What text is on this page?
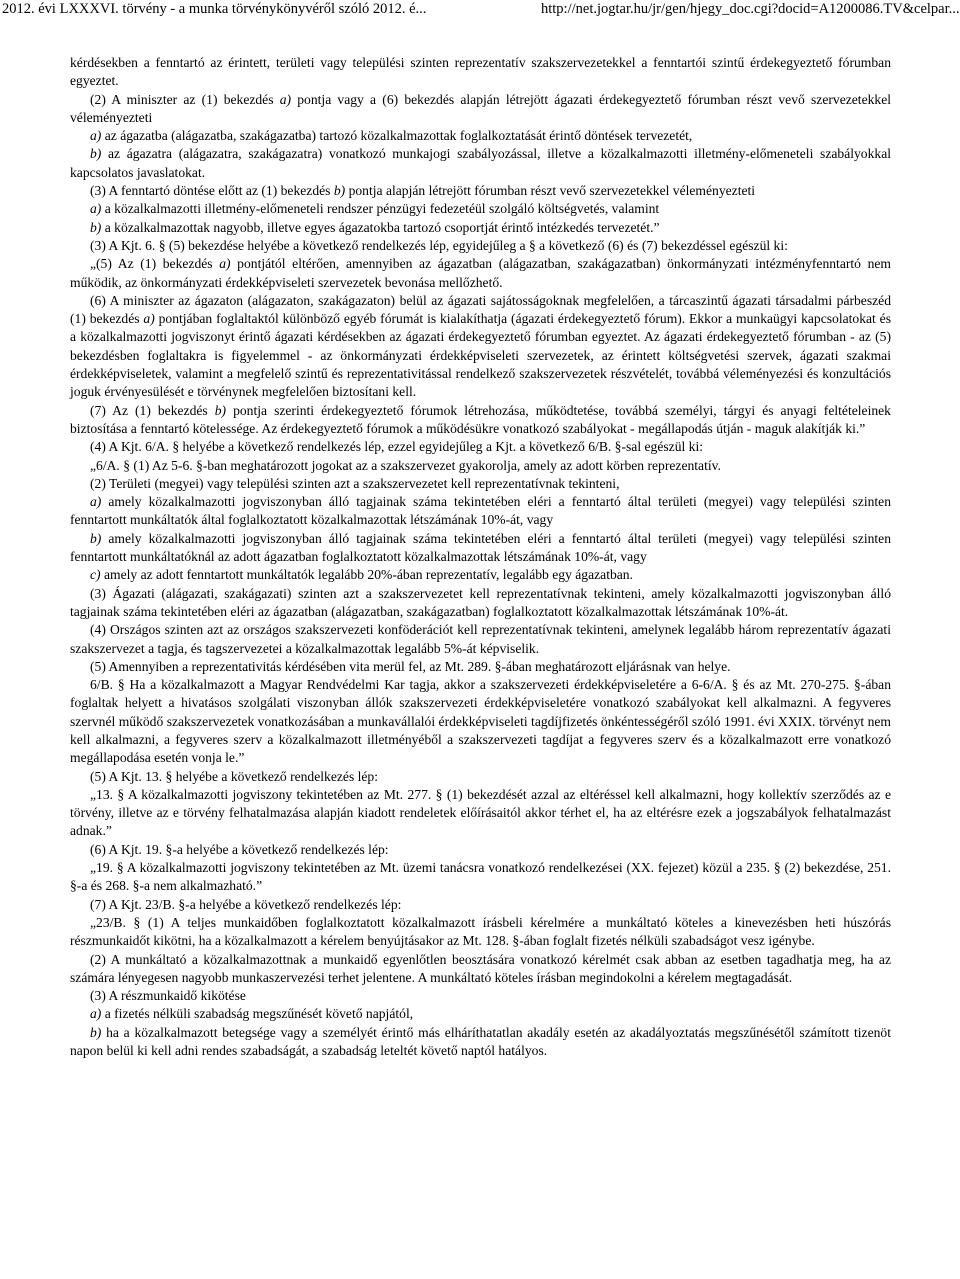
2012. évi LXXXVI. törvény - a munka törvénykönyvéről szóló 2012. é...	http://net.jogtar.hu/jr/gen/hjegy_doc.cgi?docid=A1200086.TV&celpar...

kérdésekben a fenntartó az érintett, területi vagy települési szinten reprezentatív szakszervezetekkel a fenntartói szintű érdekegyeztető fórumban

egyeztet.

(2) A miniszter az (1) bekezdés a) pontja vagy a (6) bekezdés alapján létrejött ágazati érdekegyeztető fórumban részt vevő szervezetekkel véleményezteti

a) az ágazatba (alágazatba, szakágazatba) tartozó közalkalmazottak foglalkoztatását érintő döntések tervezetét,

b) az ágazatra (alágazatra, szakágazatra) vonatkozó munkajogi szabályozással, illetve a közalkalmazotti illetmény-előmeneteli szabályokkal kapcsolatos javaslatokat.

(3) A fenntartó döntése előtt az (1) bekezdés b) pontja alapján létrejött fórumban részt vevő szervezetekkel véleményezteti

a) a közalkalmazotti illetmény-előmeneteli rendszer pénzügyi fedezetéül szolgáló költségvetés, valamint

b) a közalkalmazottak nagyobb, illetve egyes ágazatokba tartozó csoportját érintő intézkedés tervezetét.”

(3) A Kjt. 6. § (5) bekezdése helyébe a következő rendelkezés lép, egyidejűleg a § a következő (6) és (7) bekezdéssel egészül ki:

„(5) Az (1) bekezdés a) pontjától eltérően, amennyiben az ágazatban (alágazatban, szakágazatban) önkormányzati intézményfenntartó nem működik, az önkormányzati érdekképviseleti szervezetek bevonása mellőzhető.

(6) A miniszter az ágazaton (alágazaton, szakágazaton) belül az ágazati sajátosságoknak megfelelően, a tárcaszintű ágazati társadalmi párbeszéd (1) bekezdés a) pontjában foglaltaktól különböző egyéb fórumát is kialakíthatja (ágazati érdekegyeztető fórum). Ekkor a munkaügyi kapcsolatokat és a közalkalmazotti jogviszonyt érintő ágazati kérdésekben az ágazati érdekegyeztető fórumban egyeztet. Az ágazati érdekegyeztető fórumban - az (5) bekezdésben foglaltakra is figyelemmel - az önkormányzati érdekképviseleti szervezetek, az érintett költségvetési szervek, ágazati szakmai érdekképviseletek, valamint a megfelelő szintű és reprezentativitással rendelkező szakszervezetek részvételét, továbbá véleményezési és konzultációs joguk érvényesülését e törvénynek megfelelően biztosítani kell.

(7) Az (1) bekezdés b) pontja szerinti érdekegyeztető fórumok létrehozása, működtetése, továbbá személyi, tárgyi és anyagi feltételeinek biztosítása a fenntartó kötelessége. Az érdekegyeztető fórumok a működésükre vonatkozó szabályokat - megállapodás útján - maguk alakítják ki.”

(4) A Kjt. 6/A. § helyébe a következő rendelkezés lép, ezzel egyidejűleg a Kjt. a következő 6/B. §-sal egészül ki:

„6/A. § (1) Az 5-6. §-ban meghatározott jogokat az a szakszervezet gyakorolja, amely az adott körben reprezentatív.

(2) Területi (megyei) vagy települési szinten azt a szakszervezetet kell reprezentatívnak tekinteni,

a) amely közalkalmazotti jogviszonyban álló tagjainak száma tekintetében eléri a fenntartó által területi (megyei) vagy települési szinten fenntartott munkáltatók által foglalkoztatott közalkalmazottak létszámának 10%-át, vagy

b) amely közalkalmazotti jogviszonyban álló tagjainak száma tekintetében eléri a fenntartó által területi (megyei) vagy települési szinten fenntartott munkáltatóknál az adott ágazatban foglalkoztatott közalkalmazottak létszámának 10%-át, vagy

c) amely az adott fenntartott munkáltatók legalább 20%-ában reprezentatív, legalább egy ágazatban.

(3) Ágazati (alágazati, szakágazati) szinten azt a szakszervezetet kell reprezentatívnak tekinteni, amely közalkalmazotti jogviszonyban álló tagjainak száma tekintetében eléri az ágazatban (alágazatban, szakágazatban) foglalkoztatott közalkalmazottak létszámának 10%-át.

(4) Országos szinten azt az országos szakszervezeti konföderációt kell reprezentatívnak tekinteni, amelynek legalább három reprezentatív ágazati szakszervezet a tagja, és tagszervezetei a közalkalmazottak legalább 5%-át képviselik.

(5) Amennyiben a reprezentativitás kérdésében vita merül fel, az Mt. 289. §-ában meghatározott eljárásnak van helye.

6/B. § Ha a közalkalmazott a Magyar Rendvédelmi Kar tagja, akkor a szakszervezeti érdekképviseletére a 6-6/A. § és az Mt. 270-275. §-ában foglaltak helyett a hivatásos szolgálati viszonyban állók szakszervezeti érdekképviseletére vonatkozó szabályokat kell alkalmazni. A fegyveres szervnél működő szakszervezetek vonatkozásában a munkavállalói érdekképviseleti tagdíjfizetés önkéntességéről szóló 1991. évi XXIX. törvényt nem kell alkalmazni, a fegyveres szerv a közalkalmazott illetményéből a szakszervezeti tagdíjat a fegyveres szerv és a közalkalmazott erre vonatkozó megállapodása esetén vonja le.”

(5) A Kjt. 13. § helyébe a következő rendelkezés lép:

„13. § A közalkalmazotti jogviszony tekintetében az Mt. 277. § (1) bekezdését azzal az eltéréssel kell alkalmazni, hogy kollektív szerződés az e törvény, illetve az e törvény felhatalmazása alapján kiadott rendeletek előírásaitól akkor térhet el, ha az eltérésre ezek a jogszabályok felhatalmazást adnak.”

(6) A Kjt. 19. §-a helyébe a következő rendelkezés lép:

„19. § A közalkalmazotti jogviszony tekintetében az Mt. üzemi tanácsra vonatkozó rendelkezései (XX. fejezet) közül a 235. § (2) bekezdése, 251. §-a és 268. §-a nem alkalmazható.”

(7) A Kjt. 23/B. §-a helyébe a következő rendelkezés lép:

„23/B. § (1) A teljes munkaidőben foglalkoztatott közalkalmazott írásbeli kérelmére a munkáltató köteles a kinevezésben heti húszórás részmunkaidőt kikötni, ha a közalkalmazott a kérelem benyújtásakor az Mt. 128. §-ában foglalt fizetés nélküli szabadságot vesz igénybe.

(2) A munkáltató a közalkalmazottnak a munkaidő egyenlőtlen beosztására vonatkozó kérelmét csak abban az esetben tagadhatja meg, ha az számára lényegesen nagyobb munkaszervezési terhet jelentene. A munkáltató köteles írásban megindokolni a kérelem megtagadását.

(3) A részmunkaidő kikötése

a) a fizetés nélküli szabadság megszűnését követő napjától,

b) ha a közalkalmazott betegsége vagy a személyét érintő más elháríthatatlan akadály esetén az akadályoztatás megszűnésétől számított tizenöt napon belül ki kell adni rendes szabadságát, a szabadság leteltét követő naptól hatályos.
